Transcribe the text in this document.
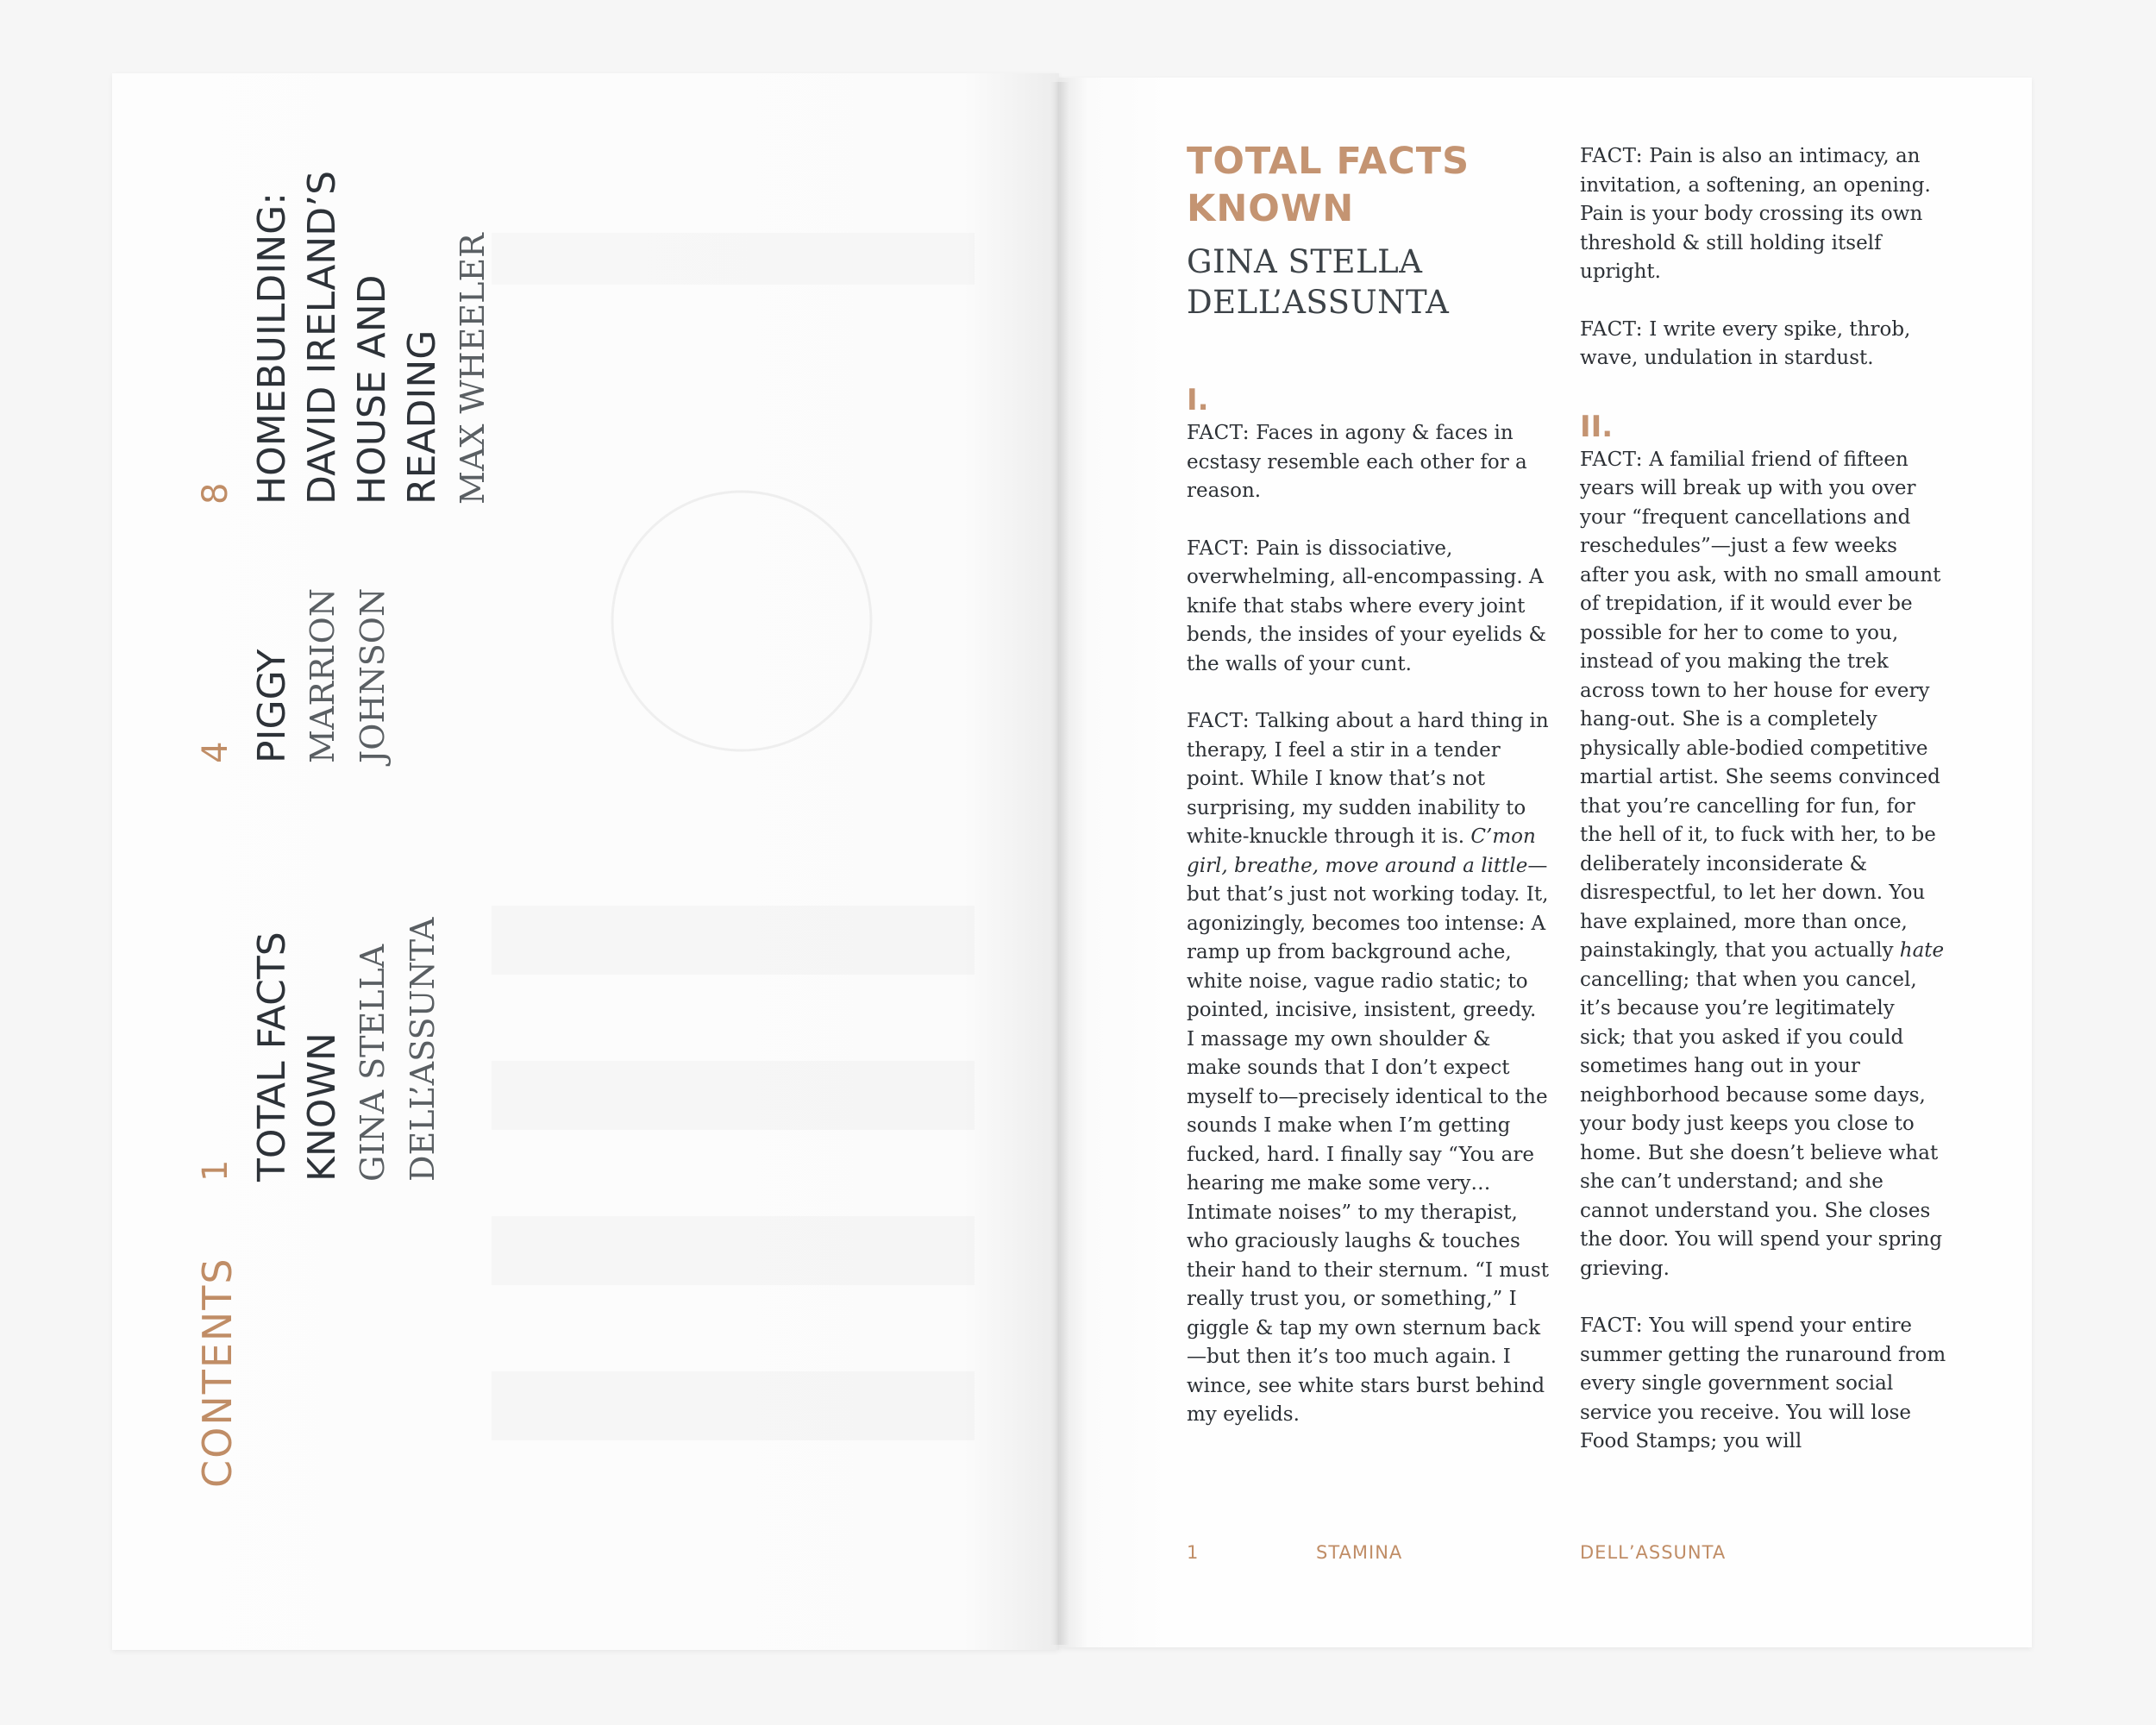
CONTENTS
1 TOTAL FACTS
KNOWN GINA STELLA
DELL’ASSUNTA
4 PIGGY MARRION
JOHNSON
8 HOMEBUILDING:
DAVID IRELAND’S
HOUSE AND
READING MAX WHEELER
TOTAL FACTS
KNOWN
GINA STELLA
DELL’ASSUNTA
I.

FACT: Faces in agony & faces in ecstasy resemble each other for a reason.

FACT: Pain is dissociative, overwhelming, all-encompassing. A knife that stabs where every joint bends, the insides of your eyelids & the walls of your cunt.

FACT: Talking about a hard thing in therapy, I feel a stir in a tender point. While I know that’s not surprising, my sudden inability to white-knuckle through it is. C’mon girl, breathe, move around a little—but that’s just not working today. It, agonizingly, becomes too intense: A ramp up from background ache, white noise, vague radio static; to pointed, incisive, insistent, greedy. I massage my own shoulder & make sounds that I don’t expect myself to—precisely identical to the sounds I make when I’m getting fucked, hard. I finally say “You are hearing me make some very… Intimate noises” to my therapist, who graciously laughs & touches their hand to their sternum. “I must really trust you, or something,” I giggle & tap my own sternum back—but then it’s too much again. I wince, see white stars burst behind my eyelids.

FACT: Pain is also an intimacy, an invitation, a softening, an opening. Pain is your body crossing its own threshold & still holding itself upright.

FACT: I write every spike, throb, wave, undulation in stardust.

II.

FACT: A familial friend of fifteen years will break up with you over your “frequent cancellations and reschedules”—just a few weeks after you ask, with no small amount of trepidation, if it would ever be possible for her to come to you, instead of you making the trek across town to her house for every hang-out. She is a completely physically able-bodied competitive martial artist. She seems convinced that you’re cancelling for fun, for the hell of it, to fuck with her, to be deliberately inconsiderate & disrespectful, to let her down. You have explained, more than once, painstakingly, that you actually hate cancelling; that when you cancel, it’s because you’re legitimately sick; that you asked if you could sometimes hang out in your neighborhood because some days, your body just keeps you close to home. But she doesn’t believe what she can’t understand; and she cannot understand you. She closes the door. You will spend your spring grieving.

FACT: You will spend your entire summer getting the runaround from every single government social service you receive. You will lose Food Stamps; you will

1	STAMINA	DELL’ASSUNTA
